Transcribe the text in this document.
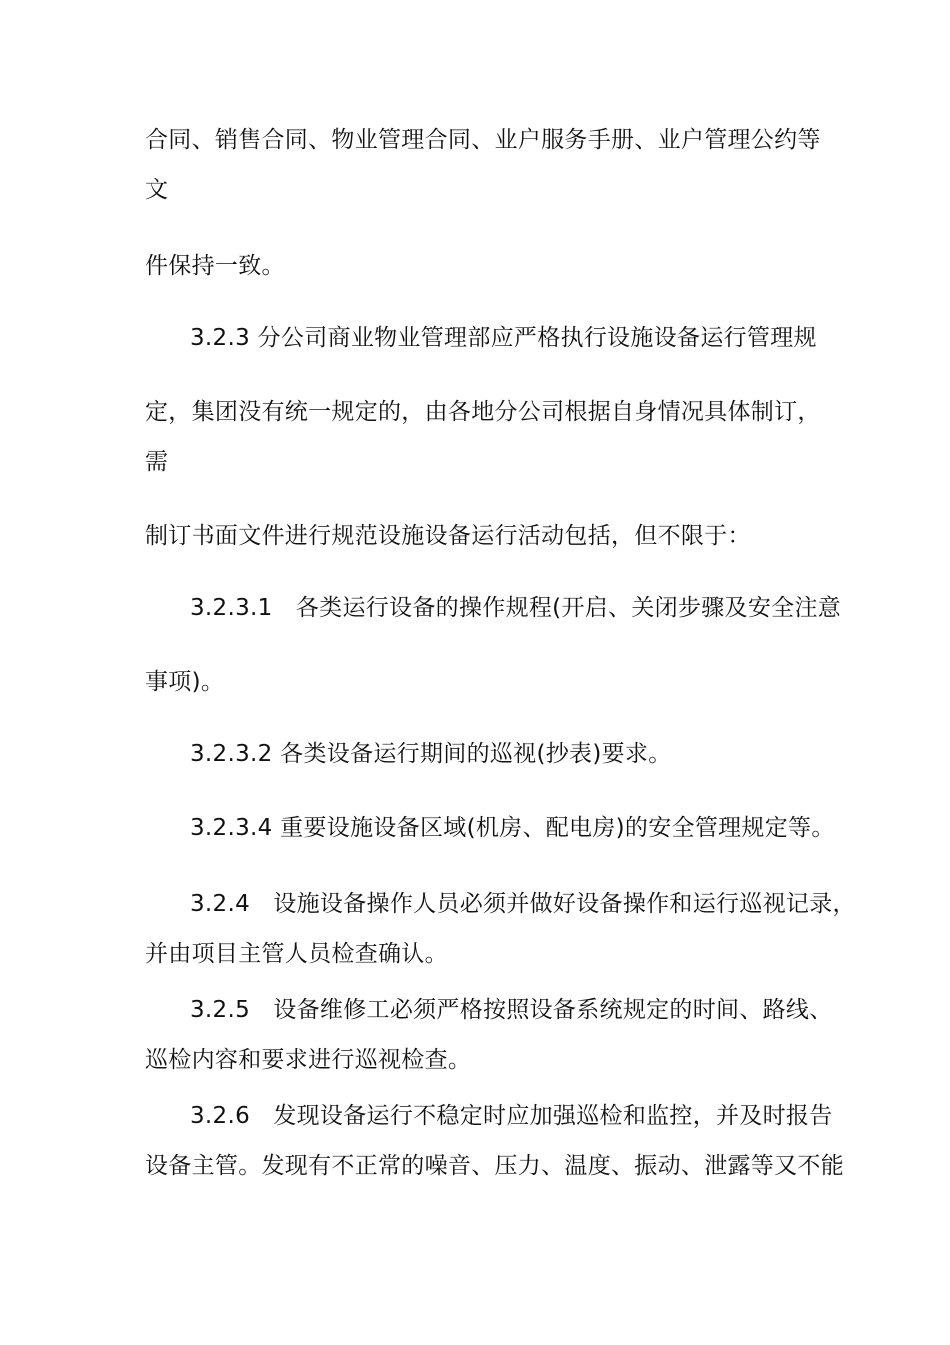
合同、销售合同、物业管理合同、业户服务手册、业户管理公约等
文
件保持一致。
3.2.3 分公司商业物业管理部应严格执行设施设备运行管理规
定，集团没有统一规定的，由各地分公司根据自身情况具体制订，
需
制订书面文件进行规范设施设备运行活动包括，但不限于：
3.2.3.1　各类运行设备的操作规程(开启、关闭步骤及安全注意
事项)。
3.2.3.2 各类设备运行期间的巡视(抄表)要求。
3.2.3.4 重要设施设备区域(机房、配电房)的安全管理规定等。
3.2.4　设施设备操作人员必须并做好设备操作和运行巡视记录，
并由项目主管人员检查确认。
3.2.5　设备维修工必须严格按照设备系统规定的时间、路线、
巡检内容和要求进行巡视检查。
3.2.6　发现设备运行不稳定时应加强巡检和监控，并及时报告
设备主管。发现有不正常的噪音、压力、温度、振动、泄露等又不能
